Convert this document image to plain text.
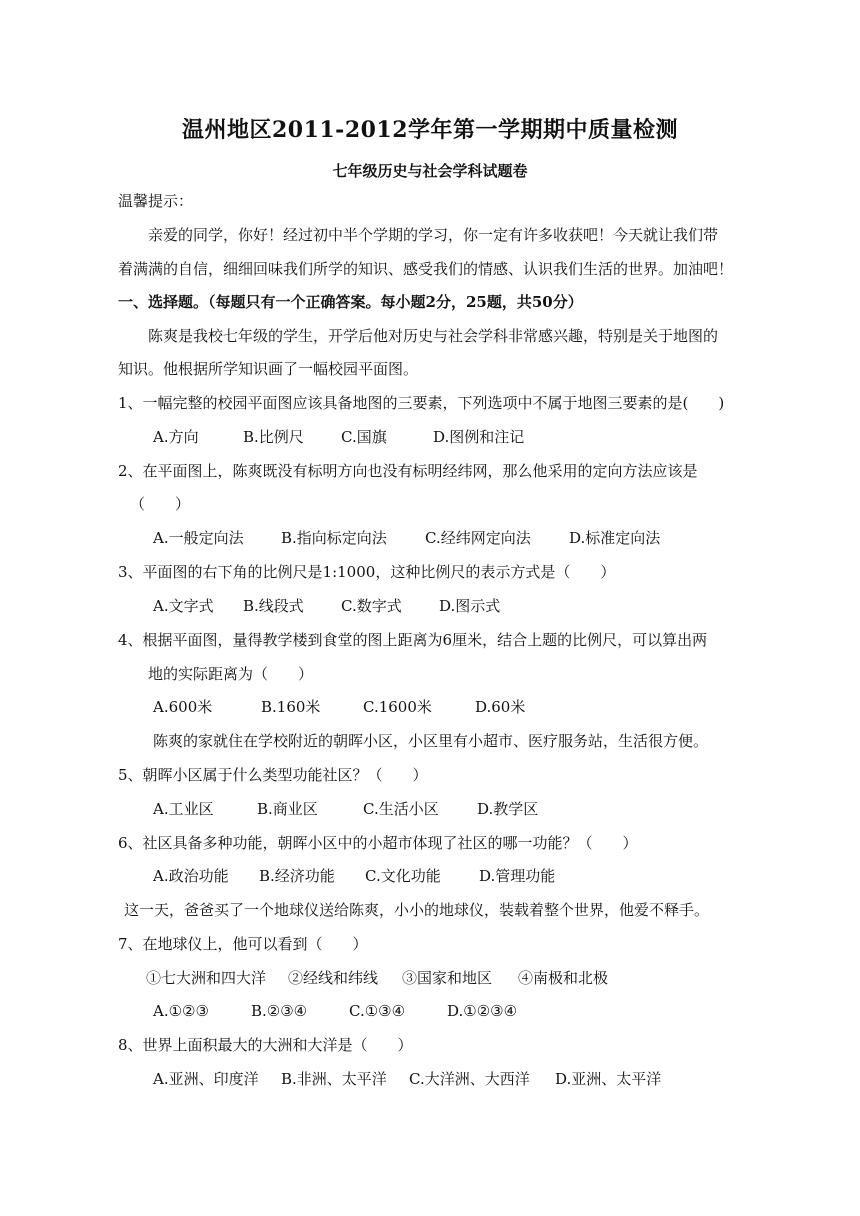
温州地区2011-2012学年第一学期期中质量检测
七年级历史与社会学科试题卷
温馨提示：
亲爱的同学，你好！经过初中半个学期的学习，你一定有许多收获吧！今天就让我们带
着满满的自信，细细回味我们所学的知识、感受我们的情感、认识我们生活的世界。加油吧！
一、选择题。（每题只有一个正确答案。每小题2分，25题，共50分）
陈爽是我校七年级的学生，开学后他对历史与社会学科非常感兴趣，特别是关于地图的
知识。他根据所学知识画了一幅校园平面图。
1、一幅完整的校园平面图应该具备地图的三要素，下列选项中不属于地图三要素的是(　　)
A.方向	B.比例尺 C.国旗	D.图例和注记
2、在平面图上，陈爽既没有标明方向也没有标明经纬网，那么他采用的定向方法应该是
（　　）
A.一般定向法 B.指向标定向法	C.经纬网定向法	D.标准定向法
3、平面图的右下角的比例尺是1:1000，这种比例尺的表示方式是（　　）
A.文字式 B.线段式 C.数字式 D.图示式
4、根据平面图，量得教学楼到食堂的图上距离为6厘米，结合上题的比例尺，可以算出两
地的实际距离为（　　）
A.600米	B.160米	C.1600米	D.60米
陈爽的家就住在学校附近的朝晖小区，小区里有小超市、医疗服务站，生活很方便。
5、朝晖小区属于什么类型功能社区？（　　）
A.工业区	B.商业区	C.生活小区	D.教学区
6、社区具备多种功能，朝晖小区中的小超市体现了社区的哪一功能？（　　）
A.政治功能 B.经济功能 C.文化功能	D.管理功能
这一天，爸爸买了一个地球仪送给陈爽，小小的地球仪，装载着整个世界，他爱不释手。
7、在地球仪上，他可以看到（　　）
①七大洲和四大洋 ②经线和纬线 ③国家和地区 ④南极和北极
A.①②③	B.②③④	C.①③④	D.①②③④
8、世界上面积最大的大洲和大洋是（　　）
A.亚洲、印度洋 B.非洲、太平洋 C.大洋洲、大西洋 D.亚洲、太平洋
